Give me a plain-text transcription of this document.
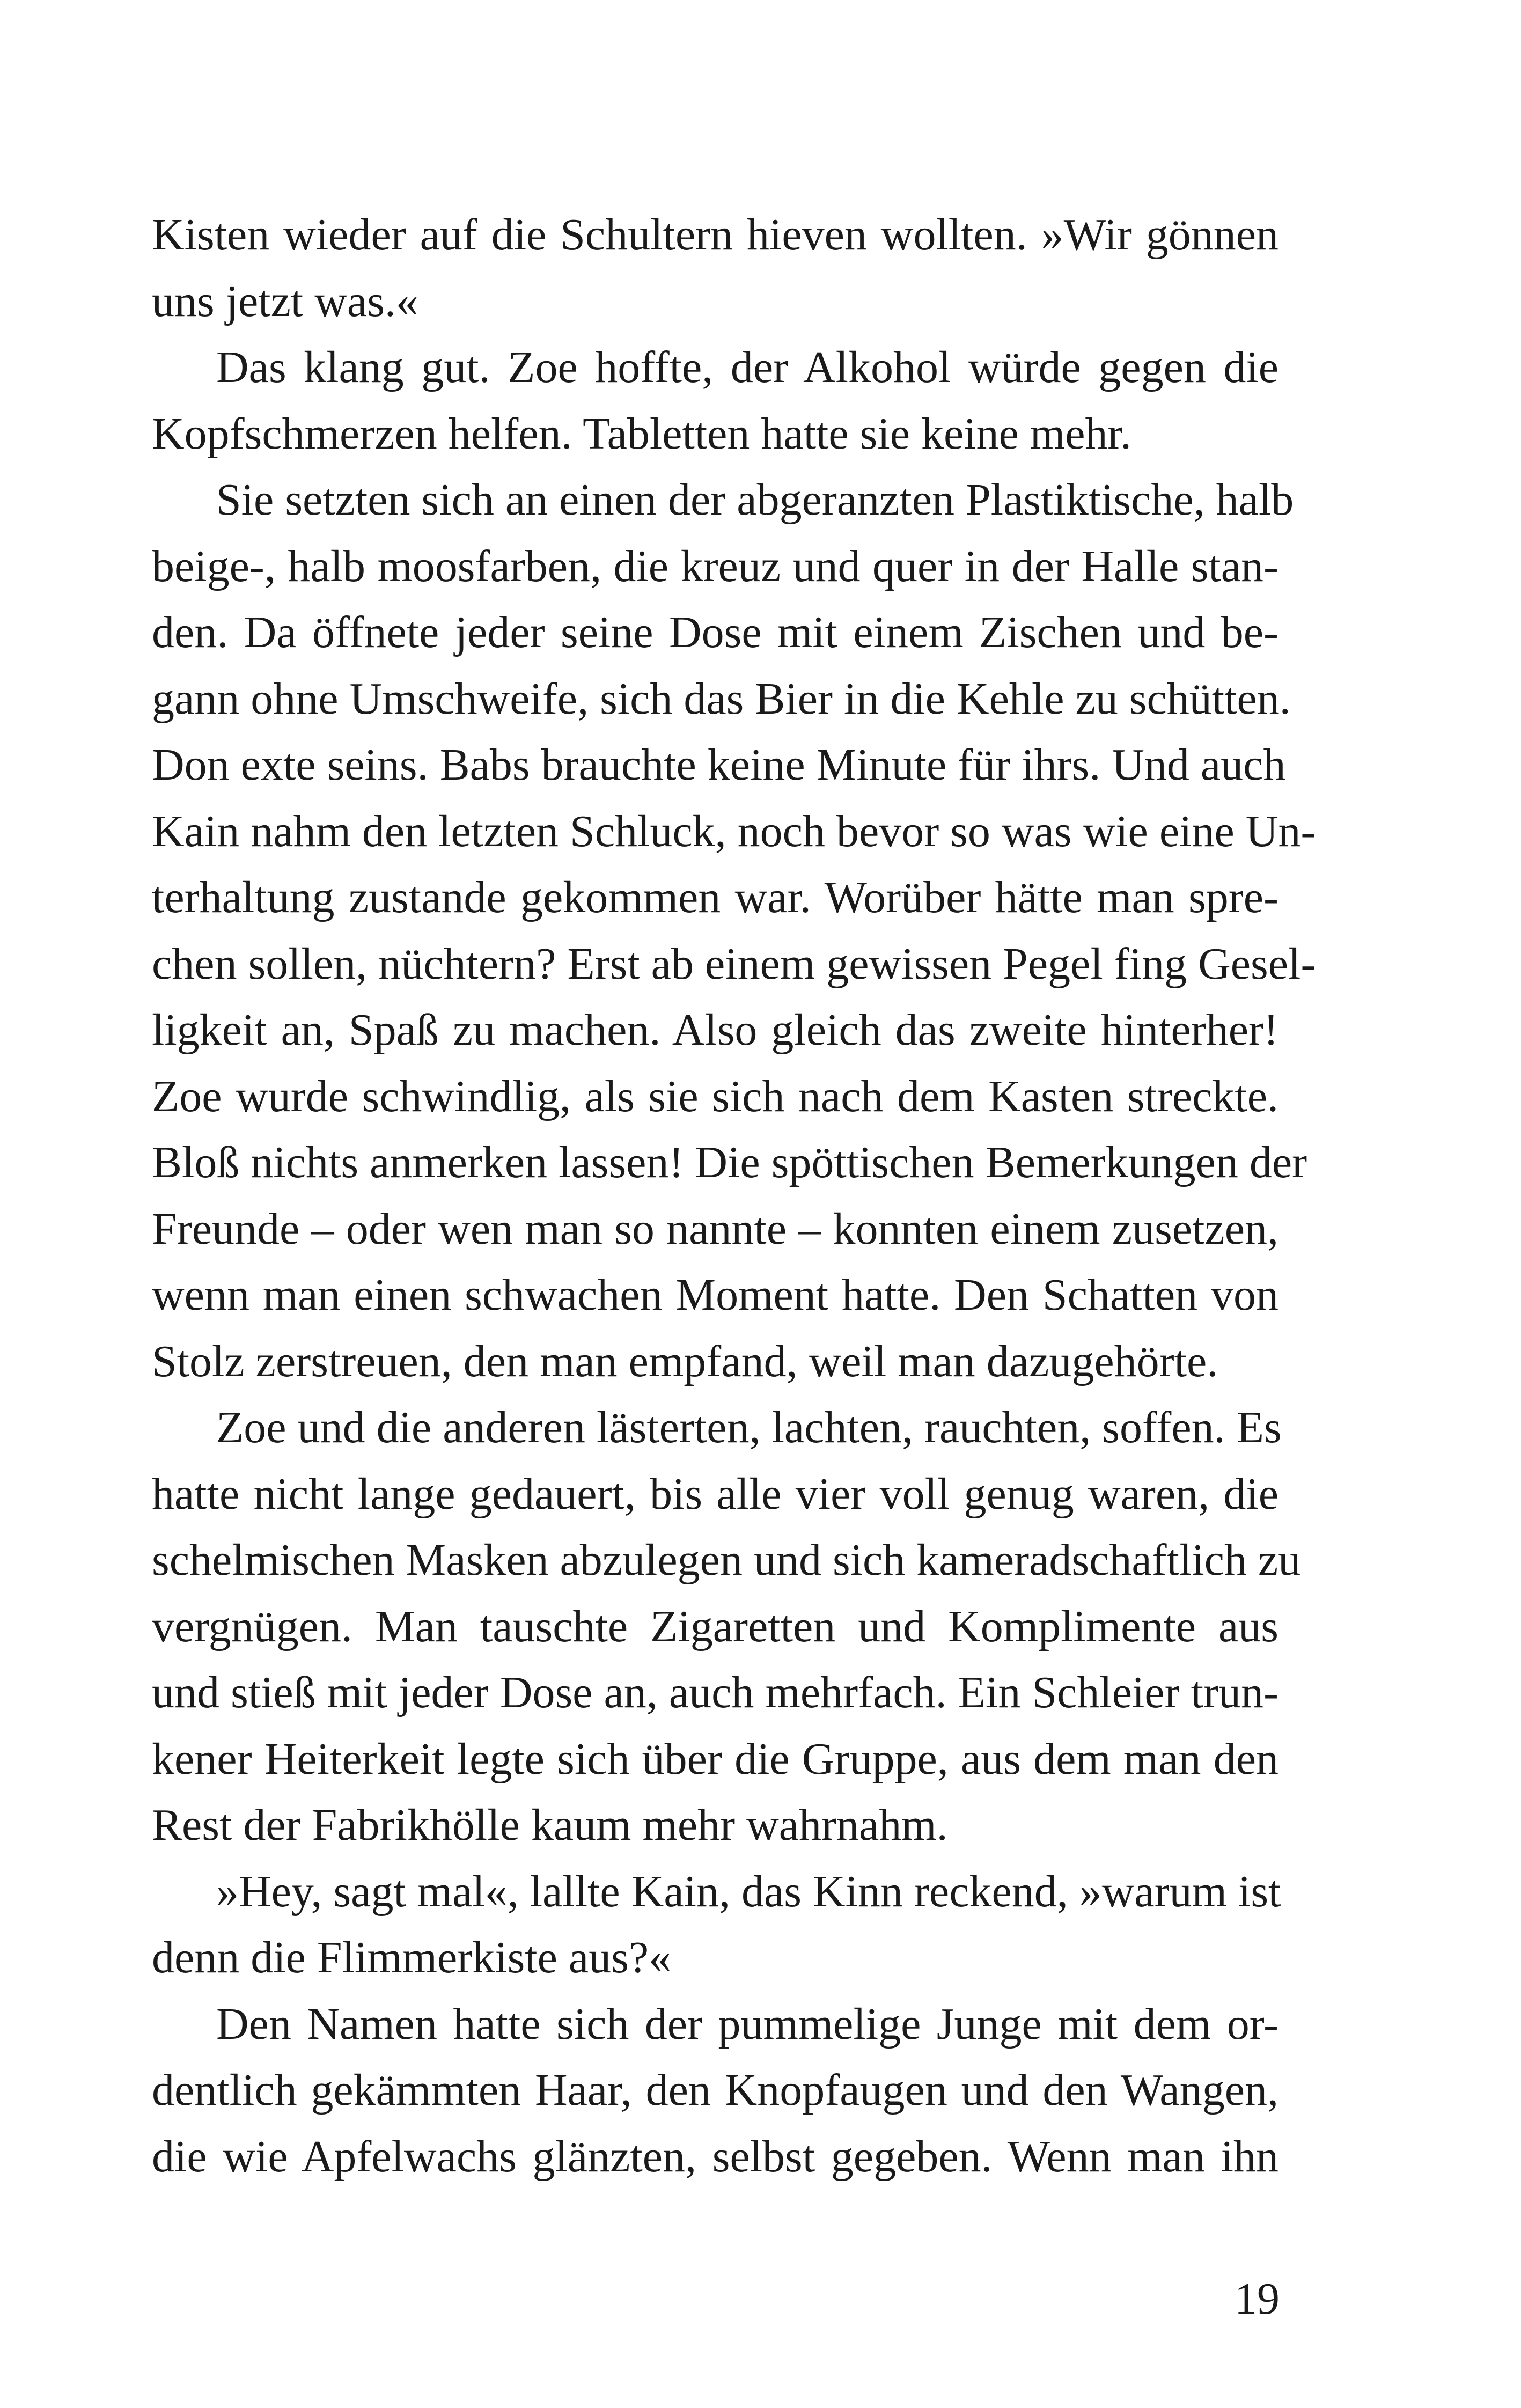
Kisten wieder auf die Schultern hieven wollten. »Wir gönnen
uns jetzt was.«
Das klang gut. Zoe hoffte, der Alkohol würde gegen die
Kopfschmerzen helfen. Tabletten hatte sie keine mehr.
Sie setzten sich an einen der abgeranzten Plastiktische, halb
beige-, halb moosfarben, die kreuz und quer in der Halle stan-
den. Da öffnete jeder seine Dose mit einem Zischen und be-
gann ohne Umschweife, sich das Bier in die Kehle zu schütten.
Don exte seins. Babs brauchte keine Minute für ihrs. Und auch
Kain nahm den letzten Schluck, noch bevor so was wie eine Un-
terhaltung zustande gekommen war. Worüber hätte man spre-
chen sollen, nüchtern? Erst ab einem gewissen Pegel fing Gesel-
ligkeit an, Spaß zu machen. Also gleich das zweite hinterher!
Zoe wurde schwindlig, als sie sich nach dem Kasten streckte.
Bloß nichts anmerken lassen! Die spöttischen Bemerkungen der
Freunde – oder wen man so nannte – konnten einem zusetzen,
wenn man einen schwachen Moment hatte. Den Schatten von
Stolz zerstreuen, den man empfand, weil man dazugehörte.
Zoe und die anderen lästerten, lachten, rauchten, soffen. Es
hatte nicht lange gedauert, bis alle vier voll genug waren, die
schelmischen Masken abzulegen und sich kameradschaftlich zu
vergnügen. Man tauschte Zigaretten und Komplimente aus
und stieß mit jeder Dose an, auch mehrfach. Ein Schleier trun-
kener Heiterkeit legte sich über die Gruppe, aus dem man den
Rest der Fabrikhölle kaum mehr wahrnahm.
»Hey, sagt mal«, lallte Kain, das Kinn reckend, »warum ist
denn die Flimmerkiste aus?«
Den Namen hatte sich der pummelige Junge mit dem or-
dentlich gekämmten Haar, den Knopfaugen und den Wangen,
die wie Apfelwachs glänzten, selbst gegeben. Wenn man ihn
19
